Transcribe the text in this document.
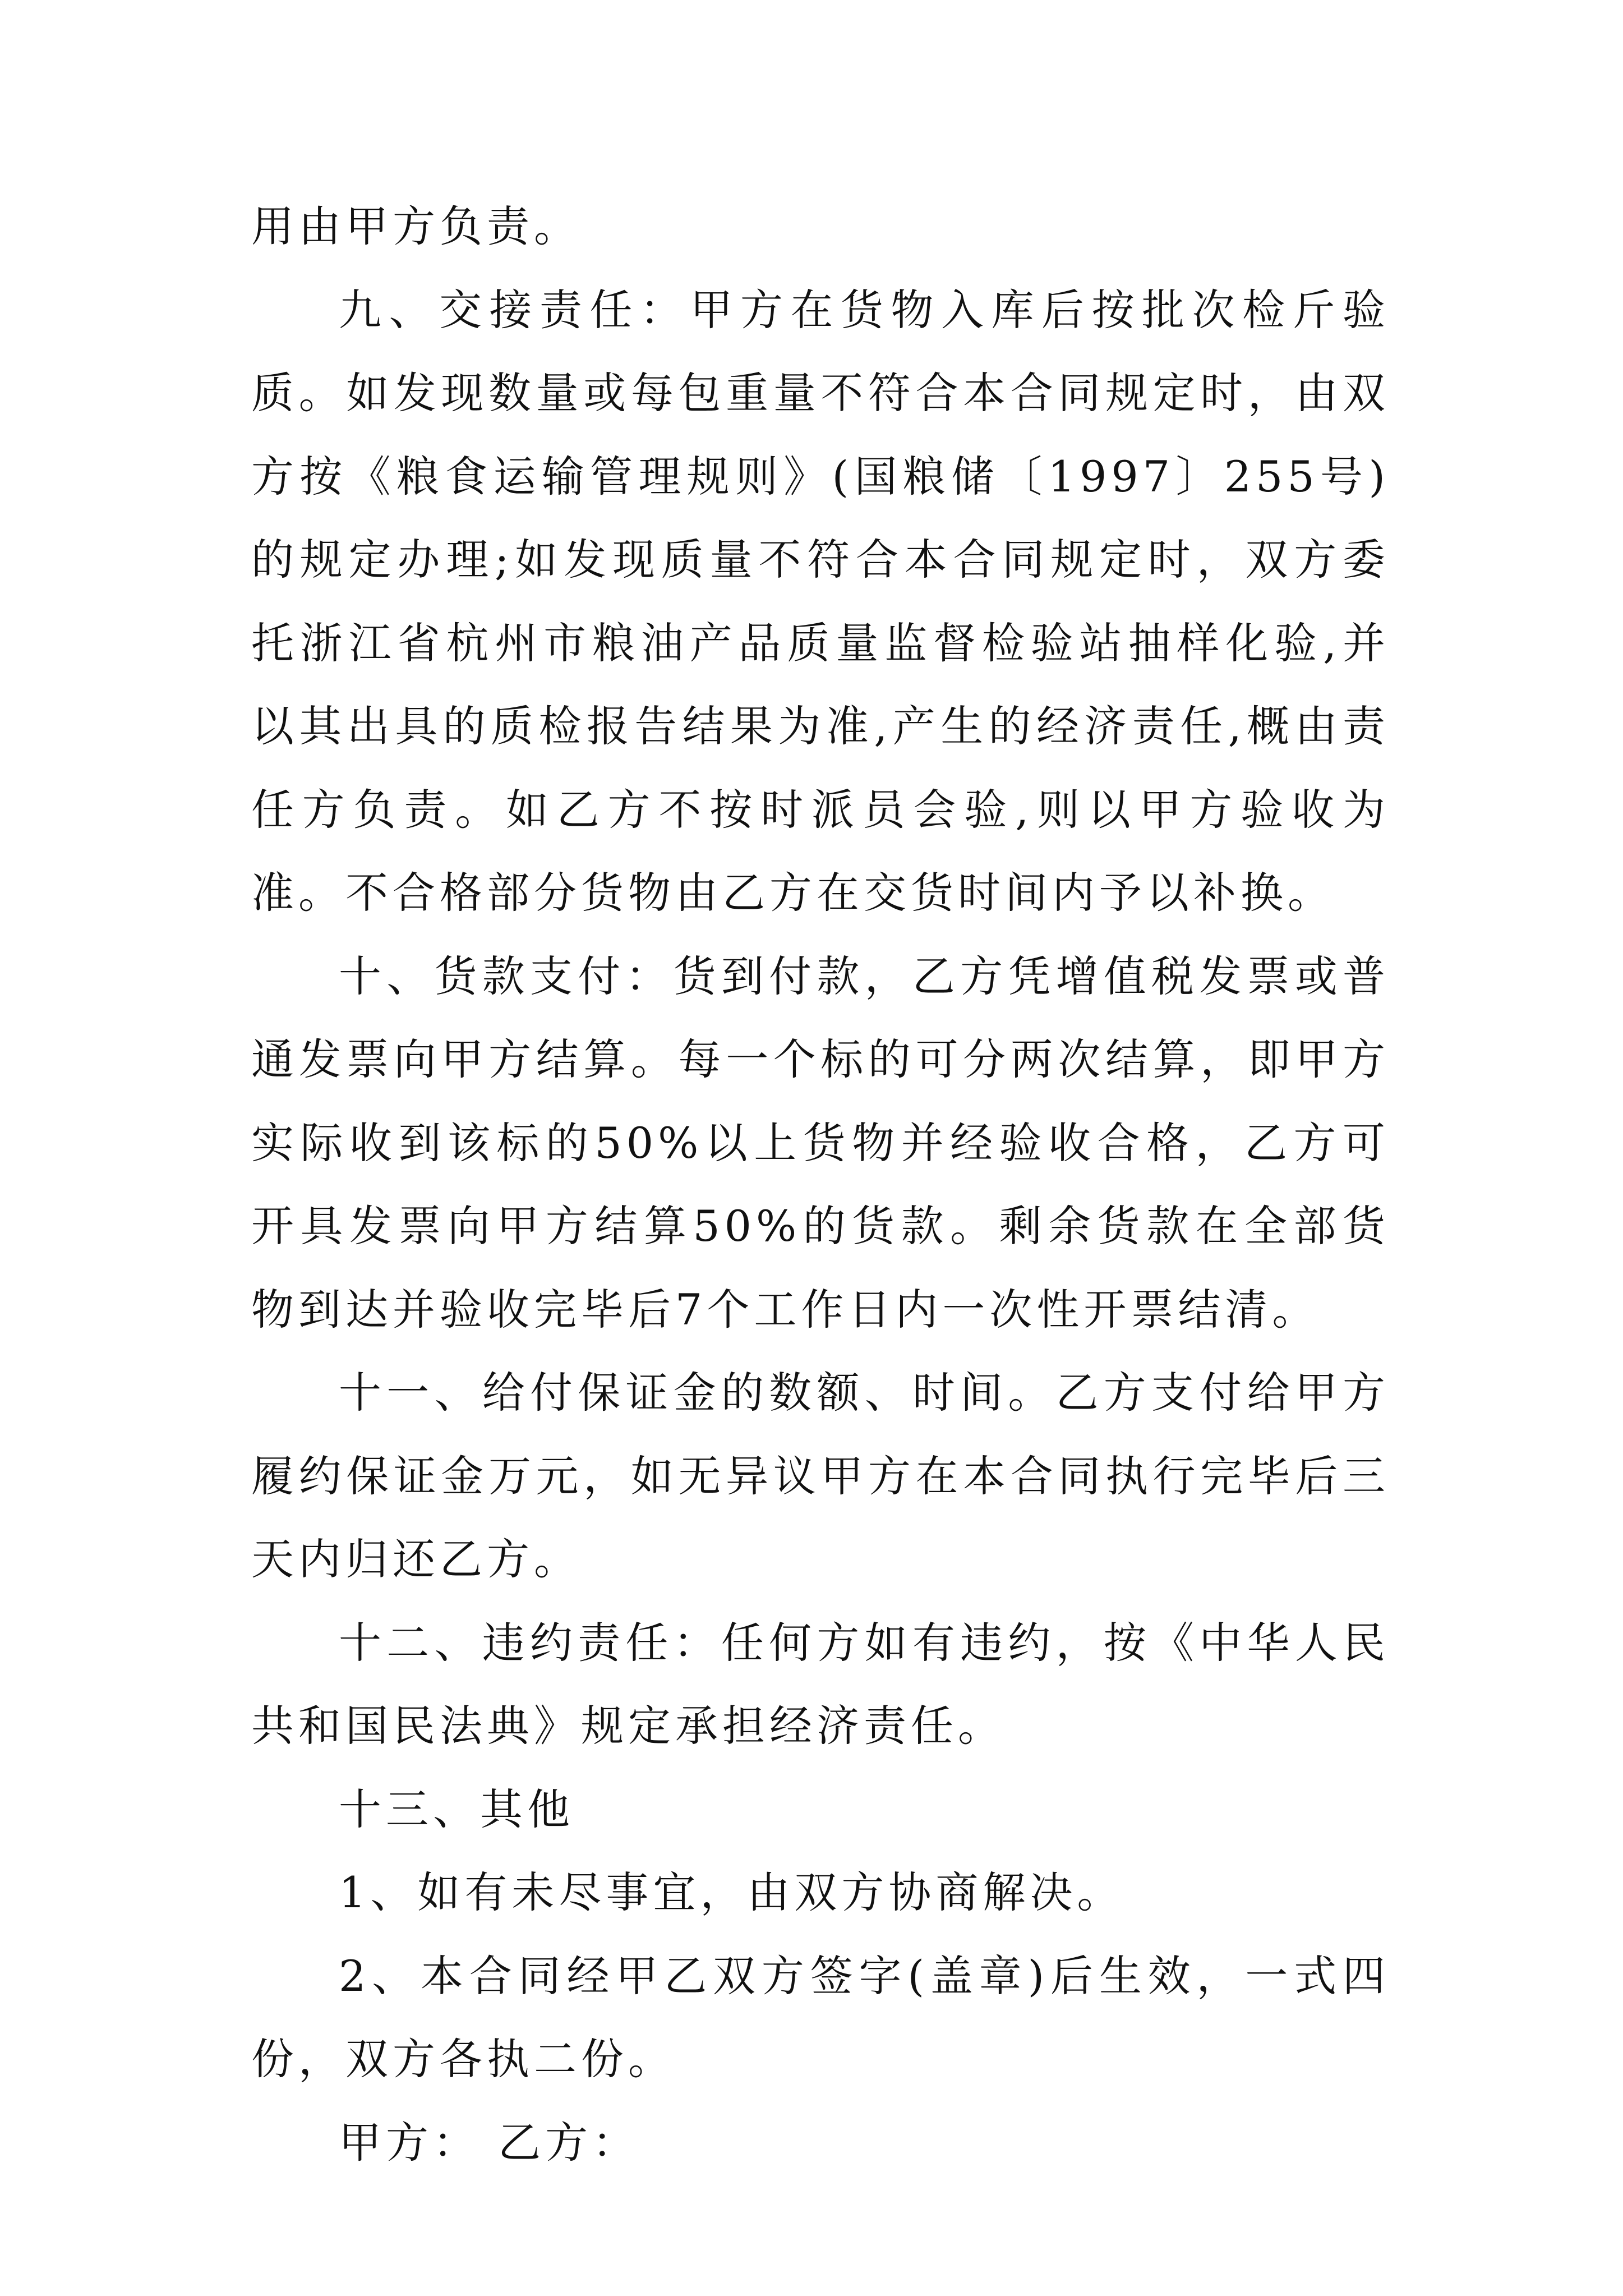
用由甲方负责。

九、交接责任：甲方在货物入库后按批次检斤验质。如发现数量或每包重量不符合本合同规定时，由双方按《粮食运输管理规则》(国粮储〔1997〕255号)的规定办理;如发现质量不符合本合同规定时，双方委托浙江省杭州市粮油产品质量监督检验站抽样化验,并以其出具的质检报告结果为准,产生的经济责任,概由责任方负责。如乙方不按时派员会验,则以甲方验收为准。不合格部分货物由乙方在交货时间内予以补换。

十、货款支付：货到付款，乙方凭增值税发票或普通发票向甲方结算。每一个标的可分两次结算，即甲方实际收到该标的50%以上货物并经验收合格，乙方可开具发票向甲方结算50%的货款。剩余货款在全部货物到达并验收完毕后7个工作日内一次性开票结清。

十一、给付保证金的数额、时间。乙方支付给甲方履约保证金万元，如无异议甲方在本合同执行完毕后三天内归还乙方。

十二、违约责任：任何方如有违约，按《中华人民共和国民法典》规定承担经济责任。

十三、其他

1、如有未尽事宜，由双方协商解决。

2、本合同经甲乙双方签字(盖章)后生效，一式四份，双方各执二份。

甲方： 乙方：
